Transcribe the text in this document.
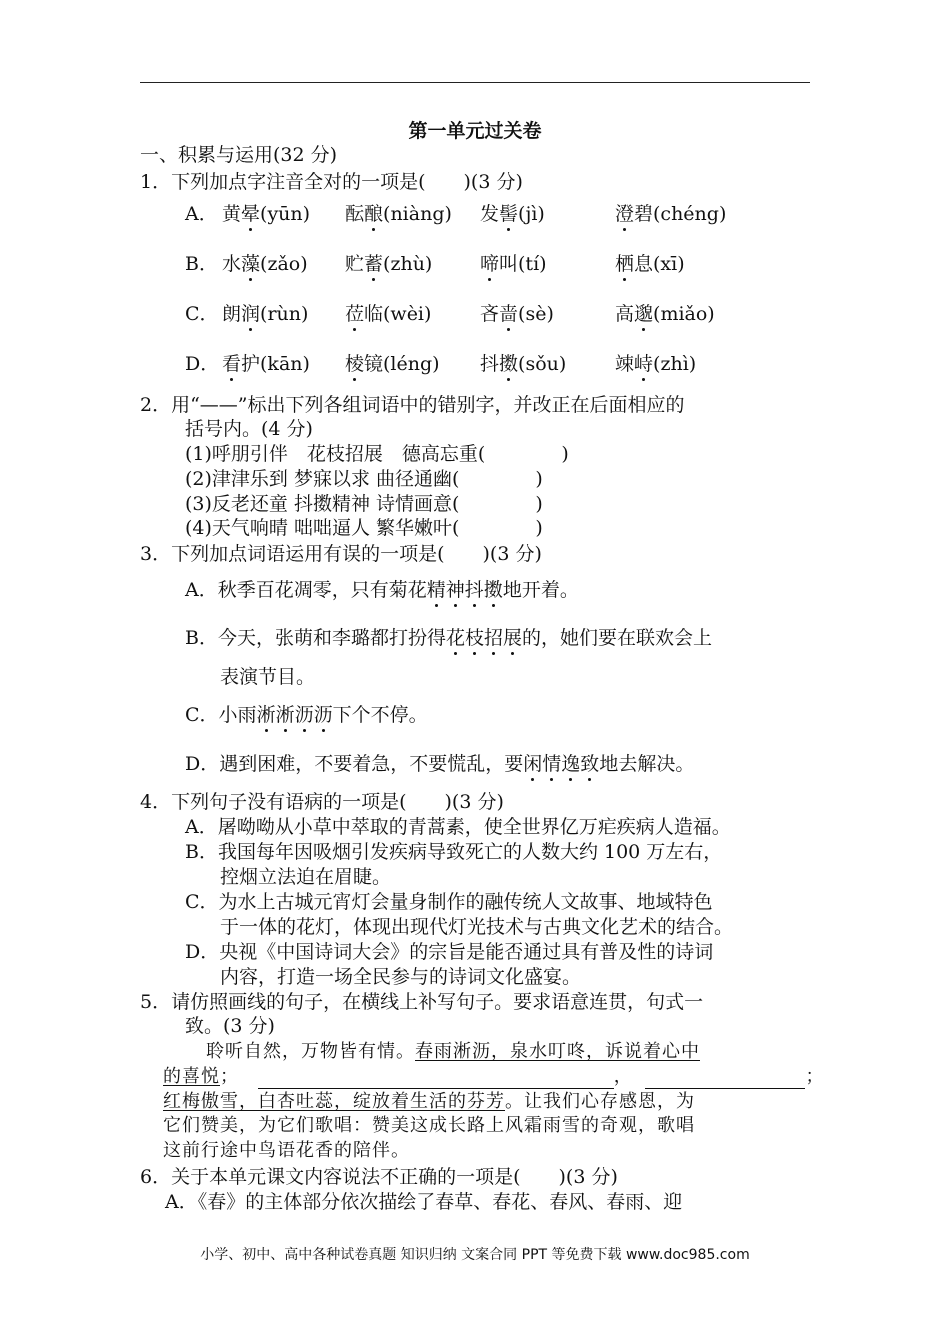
第一单元过关卷
一、积累与运用(32 分)
1．下列加点字注音全对的一项是(　　)(3 分)
A． 黄晕(yūn) 酝酿(niàng) 发髻(jì)	澄碧(chéng)
B． 水藻(zǎo) 贮蓄(zhù)	啼叫(tí)	栖息(xī)
C． 朗润(rùn) 莅临(wèi)	吝啬(sè)	高邈(miǎo)
D． 看护(kān) 棱镜(léng) 抖擞(sǒu)	竦峙(zhì)
2．用“——”标出下列各组词语中的错别字，并改正在后面相应的
括号内。(4 分)
(1)呼朋引伴　花枝招展　德高忘重(　　　　)
(2)津津乐到 梦寐以求 曲径通幽(　　　　)
(3)反老还童 抖擞精神 诗情画意(　　　　)
(4)天气响晴 咄咄逼人 繁华嫩叶(　　　　)
3．下列加点词语运用有误的一项是(　　)(3 分)
A．秋季百花凋零，只有菊花精神抖擞地开着。
B．今天，张萌和李璐都打扮得花枝招展的，她们要在联欢会上
表演节目。
C．小雨淅淅沥沥下个不停。
D．遇到困难，不要着急，不要慌乱，要闲情逸致地去解决。
4．下列句子没有语病的一项是(　　)(3 分)
A．屠呦呦从小草中萃取的青蒿素，使全世界亿万疟疾病人造福。
B．我国每年因吸烟引发疾病导致死亡的人数大约 100 万左右，
控烟立法迫在眉睫。
C．为水上古城元宵灯会量身制作的融传统人文故事、地域特色
于一体的花灯，体现出现代灯光技术与古典文化艺术的结合。
D．央视《中国诗词大会》的宗旨是能否通过具有普及性的诗词
内容，打造一场全民参与的诗词文化盛宴。
5．请仿照画线的句子，在横线上补写句子。要求语意连贯，句式一
致。(3 分)
聆听自然，万物皆有情。春雨淅沥，泉水叮咚，诉说着心中
的喜悦；	，	；
红梅傲雪，白杏吐蕊，绽放着生活的芬芳。让我们心存感恩，为
它们赞美，为它们歌唱：赞美这成长路上风霜雨雪的奇观，歌唱
这前行途中鸟语花香的陪伴。
6．关于本单元课文内容说法不正确的一项是(　　)(3 分)
A．《春》的主体部分依次描绘了春草、春花、春风、春雨、迎
小学、初中、高中各种试卷真题 知识归纳 文案合同 PPT 等免费下载 www.doc985.com
